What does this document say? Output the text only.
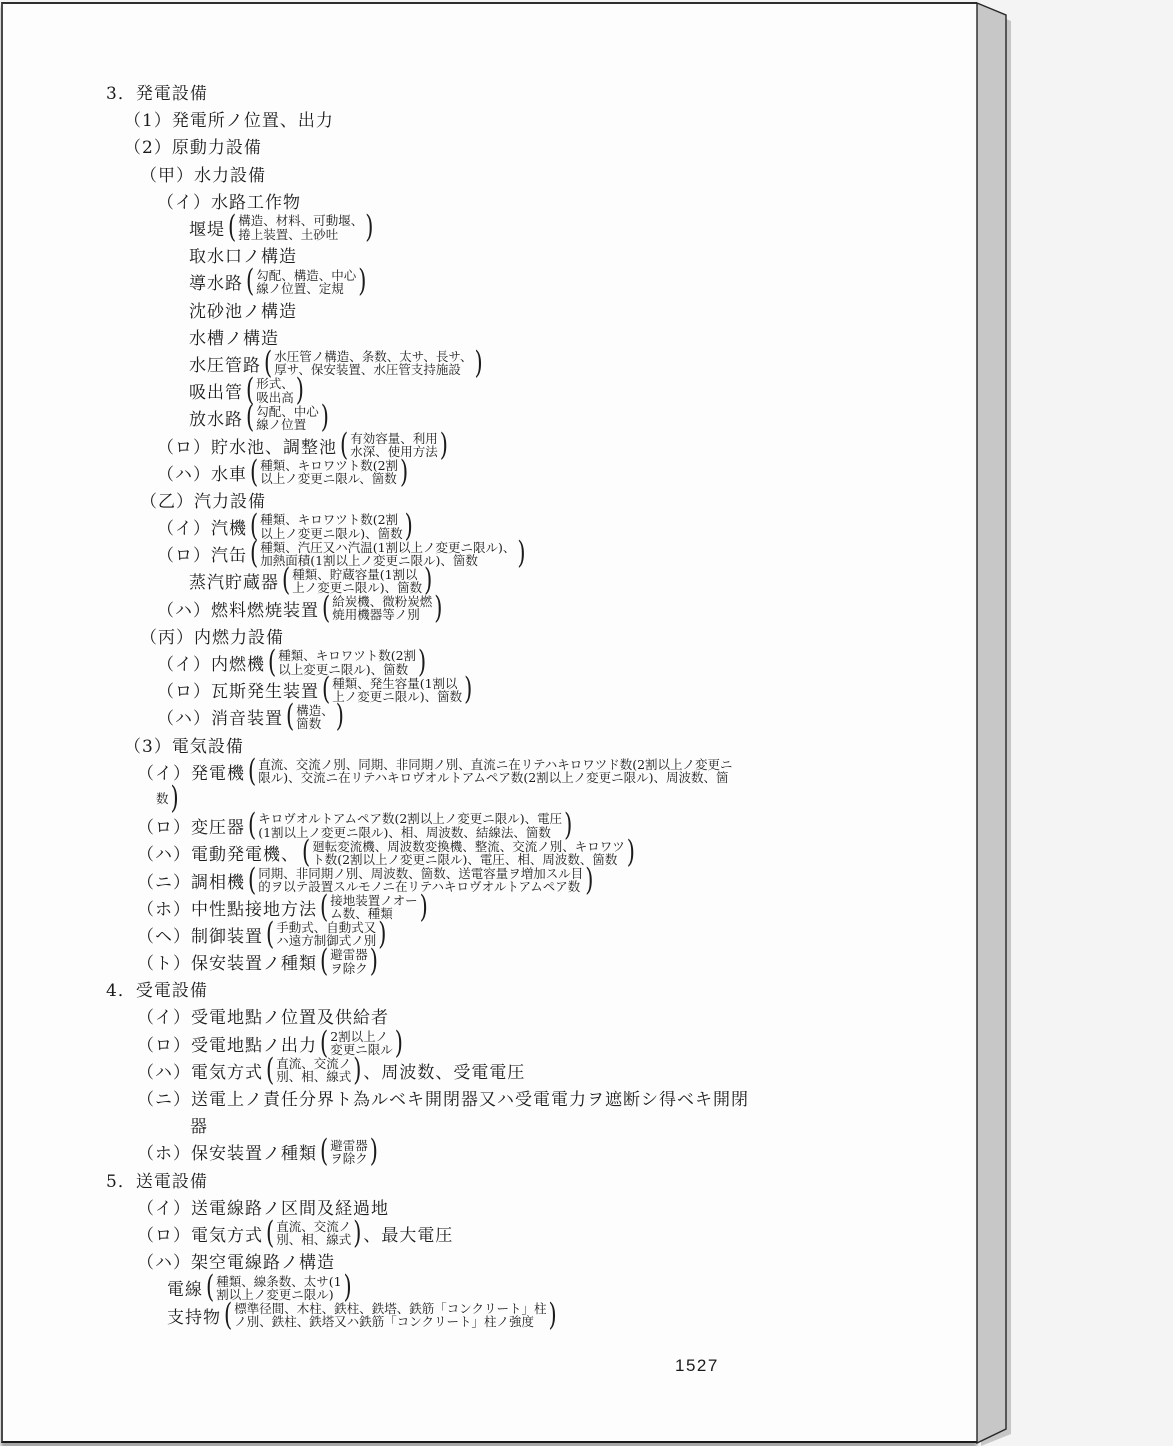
3．発電設備
（1）発電所ノ位置、出力
（2）原動力設備
（甲）水力設備
（イ）水路工作物
堰堤 ( 構造、材料、可動堰、
捲上装置、土砂吐	)
取水口ノ構造
導水路 ( 勾配、構造、中心
線ノ位置、定規 )
沈砂池ノ構造
水槽ノ構造
水圧管路 ( 水圧管ノ構造、条数、太サ、長サ、
厚サ、保安装置、水圧管支持施設 )
吸出管 ( 形式、
吸出高 )
放水路 ( 勾配、中心
線ノ位置 )
（ロ）貯水池、調整池 ( 有効容量、利用
水深、使用方法 )
（ハ）水車 ( 種類、キロワツト数(2割
以上ノ変更ニ限ル、箇数 )
（乙）汽力設備
（イ）汽機 ( 種類、キロワツト数(2割
以上ノ変更ニ限ル)、箇数 )
（ロ）汽缶 ( 種類、汽圧又ハ汽温(1割以上ノ変更ニ限ル)、
加熱面積(1割以上ノ変更ニ限ル)、箇数	)
蒸汽貯蔵器 ( 種類、貯蔵容量(1割以
上ノ変更ニ限ル)、箇数 )
（ハ）燃料燃焼装置 ( 給炭機、微粉炭燃
焼用機器等ノ別 )
（丙）内燃力設備
（イ）内燃機 ( 種類、キロワツト数(2割
以上変更ニ限ル)、箇数 )
（ロ）瓦斯発生装置 ( 種類、発生容量(1割以
上ノ変更ニ限ル)、箇数 )
（ハ）消音装置 ( 構造、
箇数 )
（3）電気設備
（イ）発電機 ( 直流、交流ノ別、同期、非同期ノ別、直流ニ在リテハキロワツド数(2割以上ノ変更ニ
限ル)、交流ニ在リテハキロヴオルトアムペア数(2割以上ノ変更ニ限ル)、周波数、箇
数 )
（ロ）変圧器 ( キロヴオルトアムペア数(2割以上ノ変更ニ限ル)、電圧
(1割以上ノ変更ニ限ル)、相、周波数、結線法、箇数 )
（ハ）電動発電機、 ( 廻転変流機、周波数変換機、整流、交流ノ別、キロワツ
ト数(2割以上ノ変更ニ限ル)、電圧、相、周波数、箇数 )
（ニ）調相機 ( 同期、非同期ノ別、周波数、箇数、送電容量ヲ増加スル目
的ヲ以テ設置スルモノニ在リテハキロヴオルトアムペア数 )
（ホ）中性點接地方法 ( 接地装置ノオー
ム数、種類	)
（ヘ）制御装置 ( 手動式、自動式又
ハ遠方制御式ノ別 )
（ト）保安装置ノ種類 ( 避雷器
ヲ除ク )
4．受電設備
（イ）受電地點ノ位置及供給者
（ロ）受電地點ノ出力 ( 2割以上ノ
変更ニ限ル )
（ハ）電気方式 ( 直流、交流ノ
別、相、線式 ) 、周波数、受電電圧
（ニ）送電上ノ責任分界ト為ルベキ開閉器又ハ受電電力ヲ遮断シ得ベキ開閉
器
（ホ）保安装置ノ種類 ( 避雷器
ヲ除ク )
5．送電設備
（イ）送電線路ノ区間及経過地
（ロ）電気方式 ( 直流、交流ノ
別、相、線式 ) 、最大電圧
（ハ）架空電線路ノ構造
電線 ( 種類、線条数、太サ(1
割以上ノ変更ニ限ル) )
支持物 ( 標準径間、木柱、鉄柱、鉄塔、鉄筋「コンクリート」柱
ノ別、鉄柱、鉄塔又ハ鉄筋「コンクリート」柱ノ強度 )
1527
